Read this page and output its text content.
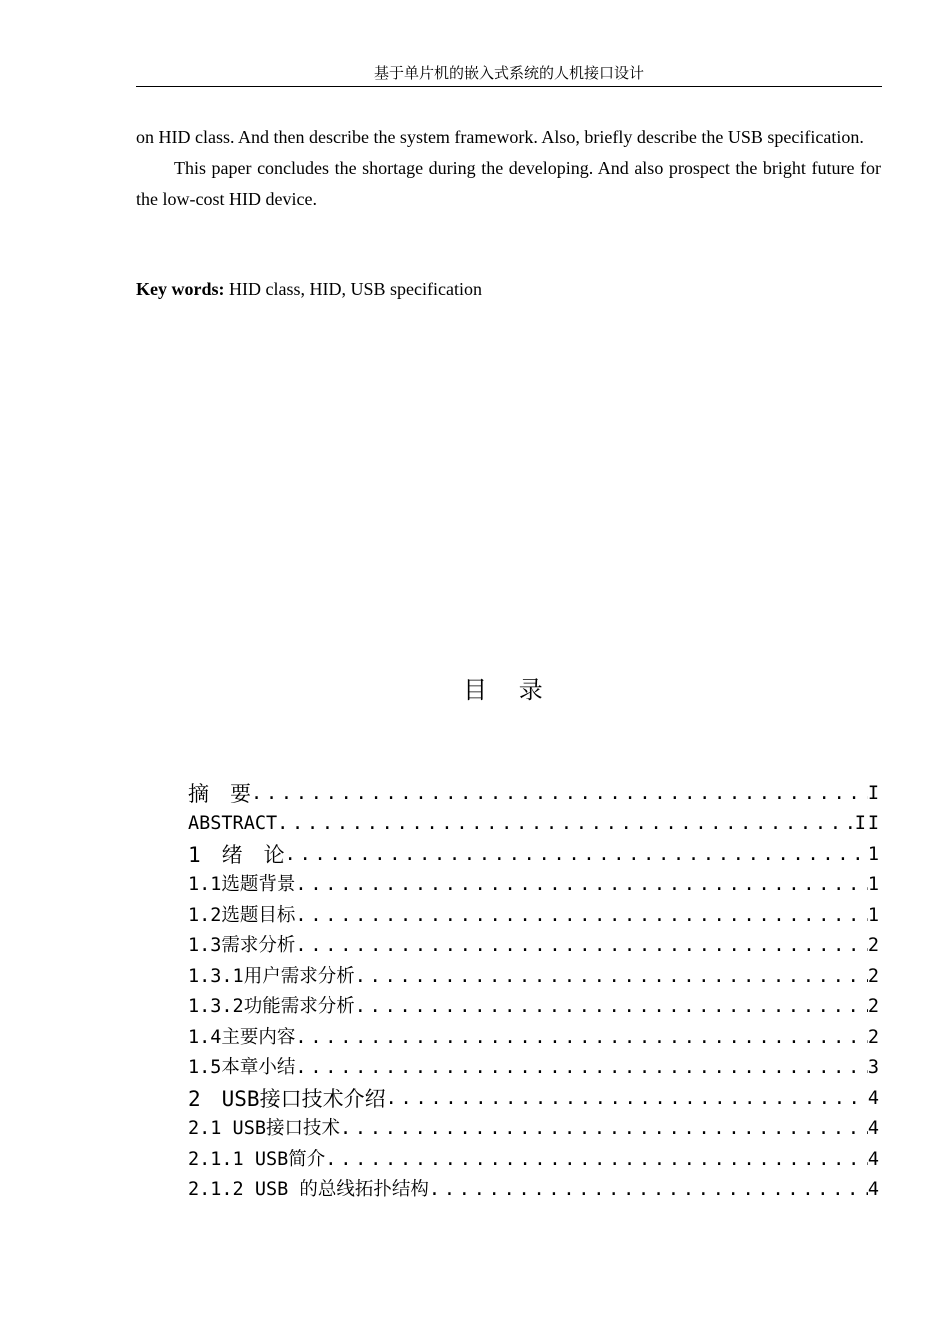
基于单片机的嵌入式系统的人机接口设计

on HID class. And then describe the system framework. Also, briefly describe the USB specification.

This paper concludes the shortage during the developing. And also prospect the bright future for the low-cost HID device.

Key words: HID class, HID, USB specification
目 录
摘　要 .....	I
ABSTRACT .....	II
1　绪　论 .....	1
1.1选题背景 .....	1
1.2选题目标 .....	1
1.3需求分析 .....	2
1.3.1用户需求分析 .....	2
1.3.2功能需求分析 .....	2
1.4主要内容 .....	2
1.5本章小结 .....	3
2　USB接口技术介绍 .....	4
2.1 USB接口技术 .....	4
2.1.1 USB简介 .....	4
2.1.2 USB 的总线拓扑结构 .....	4
